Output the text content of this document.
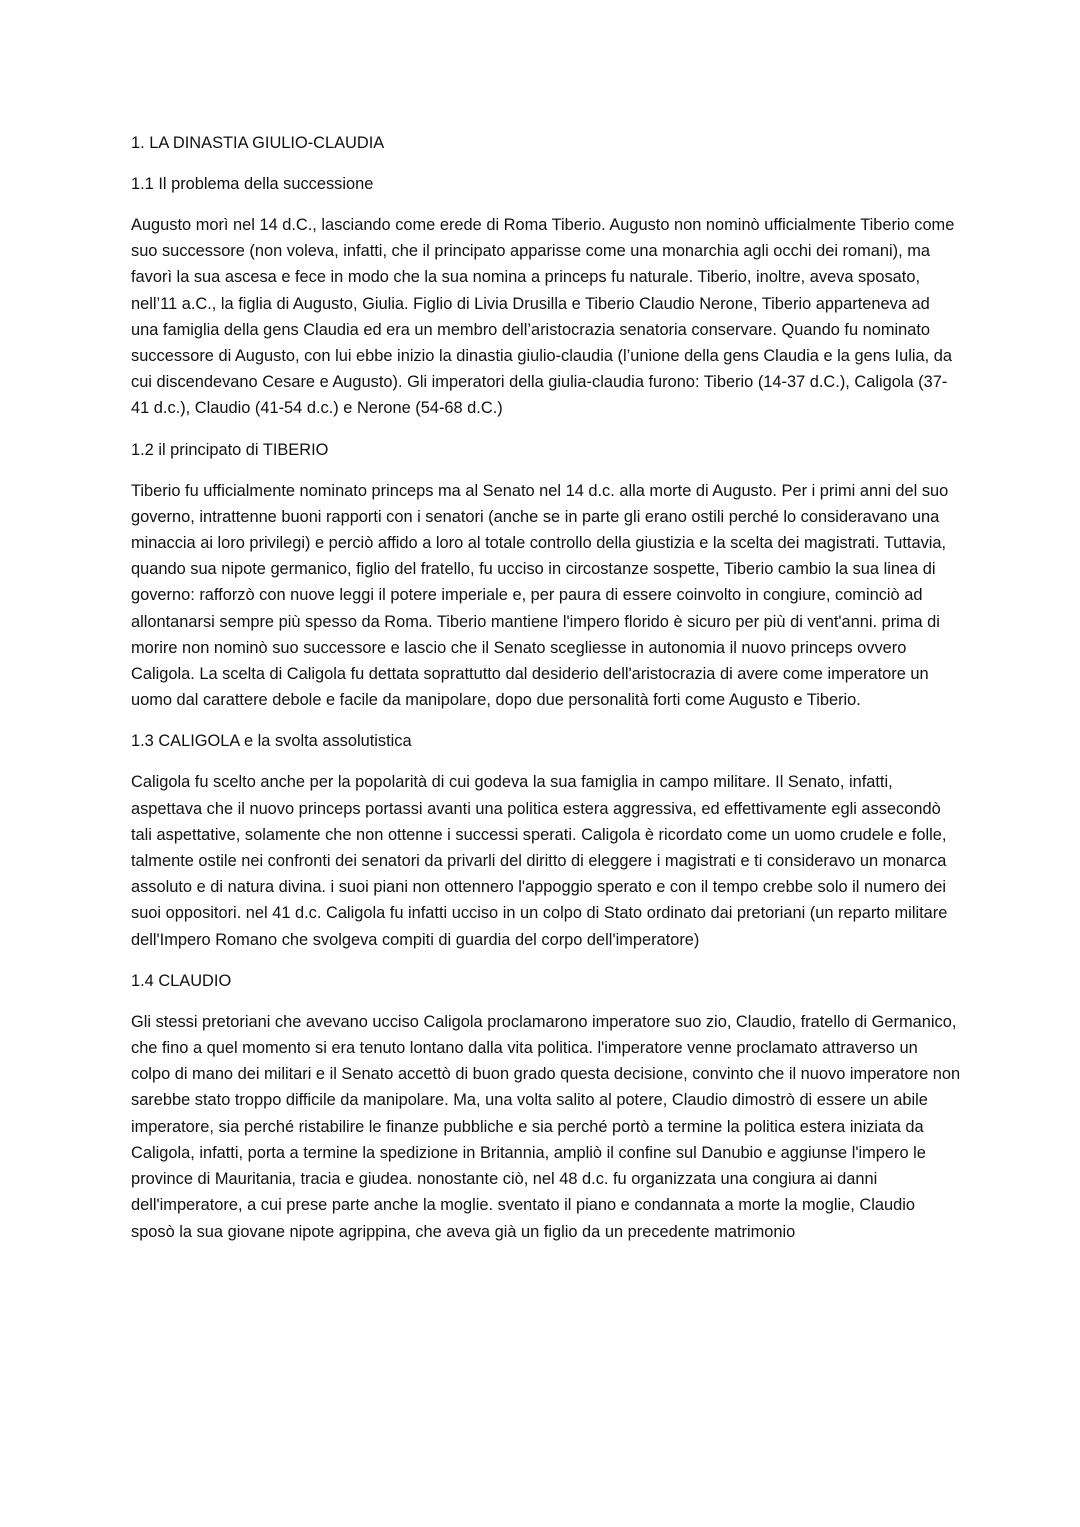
1. LA DINASTIA GIULIO-CLAUDIA
1.1 Il problema della successione

Augusto morì nel 14 d.C., lasciando come erede di Roma Tiberio. Augusto non nominò ufficialmente Tiberio come suo successore (non voleva, infatti, che il principato apparisse come una monarchia agli occhi dei romani), ma favorì la sua ascesa e fece in modo che la sua nomina a princeps fu naturale. Tiberio, inoltre, aveva sposato, nell’11 a.C., la figlia di Augusto, Giulia. Figlio di Livia Drusilla e Tiberio Claudio Nerone, Tiberio apparteneva ad una famiglia della gens Claudia ed era un membro dell’aristocrazia senatoria conservare. Quando fu nominato successore di Augusto, con lui ebbe inizio la dinastia giulio-claudia (l’unione della gens Claudia e la gens Iulia, da cui discendevano Cesare e Augusto). Gli imperatori della giulia-claudia furono: Tiberio (14-37 d.C.), Caligola (37-41 d.c.), Claudio (41-54 d.c.) e Nerone (54-68 d.C.)

1.2 il principato di TIBERIO

Tiberio fu ufficialmente nominato princeps ma al Senato nel 14 d.c. alla morte di Augusto. Per i primi anni del suo governo, intrattenne buoni rapporti con i senatori (anche se in parte gli erano ostili perché lo consideravano una minaccia ai loro privilegi) e perciò affido a loro al totale controllo della giustizia e la scelta dei magistrati. Tuttavia, quando sua nipote germanico, figlio del fratello, fu ucciso in circostanze sospette, Tiberio cambio la sua linea di governo: rafforzò con nuove leggi il potere imperiale e, per paura di essere coinvolto in congiure, cominciò ad allontanarsi sempre più spesso da Roma. Tiberio mantiene l'impero florido è sicuro per più di vent'anni. prima di morire non nominò suo successore e lascio che il Senato scegliesse in autonomia il nuovo princeps ovvero Caligola. La scelta di Caligola fu dettata soprattutto dal desiderio dell'aristocrazia di avere come imperatore un uomo dal carattere debole e facile da manipolare, dopo due personalità forti come Augusto e Tiberio.

1.3 CALIGOLA e la svolta assolutistica

Caligola fu scelto anche per la popolarità di cui godeva la sua famiglia in campo militare. Il Senato, infatti, aspettava che il nuovo princeps portassi avanti una politica estera aggressiva, ed effettivamente egli assecondò tali aspettative, solamente che non ottenne i successi sperati. Caligola è ricordato come un uomo crudele e folle, talmente ostile nei confronti dei senatori da privarli del diritto di eleggere i magistrati e ti consideravo un monarca assoluto e di natura divina. i suoi piani non ottennero l'appoggio sperato e con il tempo crebbe solo il numero dei suoi oppositori. nel 41 d.c. Caligola fu infatti ucciso in un colpo di Stato ordinato dai pretoriani (un reparto militare dell'Impero Romano che svolgeva compiti di guardia del corpo dell'imperatore)

1.4 CLAUDIO

Gli stessi pretoriani che avevano ucciso Caligola proclamarono imperatore suo zio, Claudio, fratello di Germanico, che fino a quel momento si era tenuto lontano dalla vita politica. l'imperatore venne proclamato attraverso un colpo di mano dei militari e il Senato accettò di buon grado questa decisione, convinto che il nuovo imperatore non sarebbe stato troppo difficile da manipolare. Ma, una volta salito al potere, Claudio dimostrò di essere un abile imperatore, sia perché ristabilire le finanze pubbliche e sia perché portò a termine la politica estera iniziata da Caligola, infatti, porta a termine la spedizione in Britannia, ampliò il confine sul Danubio e aggiunse l'impero le province di Mauritania, tracia e giudea. nonostante ciò, nel 48 d.c. fu organizzata una congiura ai danni dell'imperatore, a cui prese parte anche la moglie. sventato il piano e condannata a morte la moglie, Claudio sposò la sua giovane nipote agrippina, che aveva già un figlio da un precedente matrimonio
